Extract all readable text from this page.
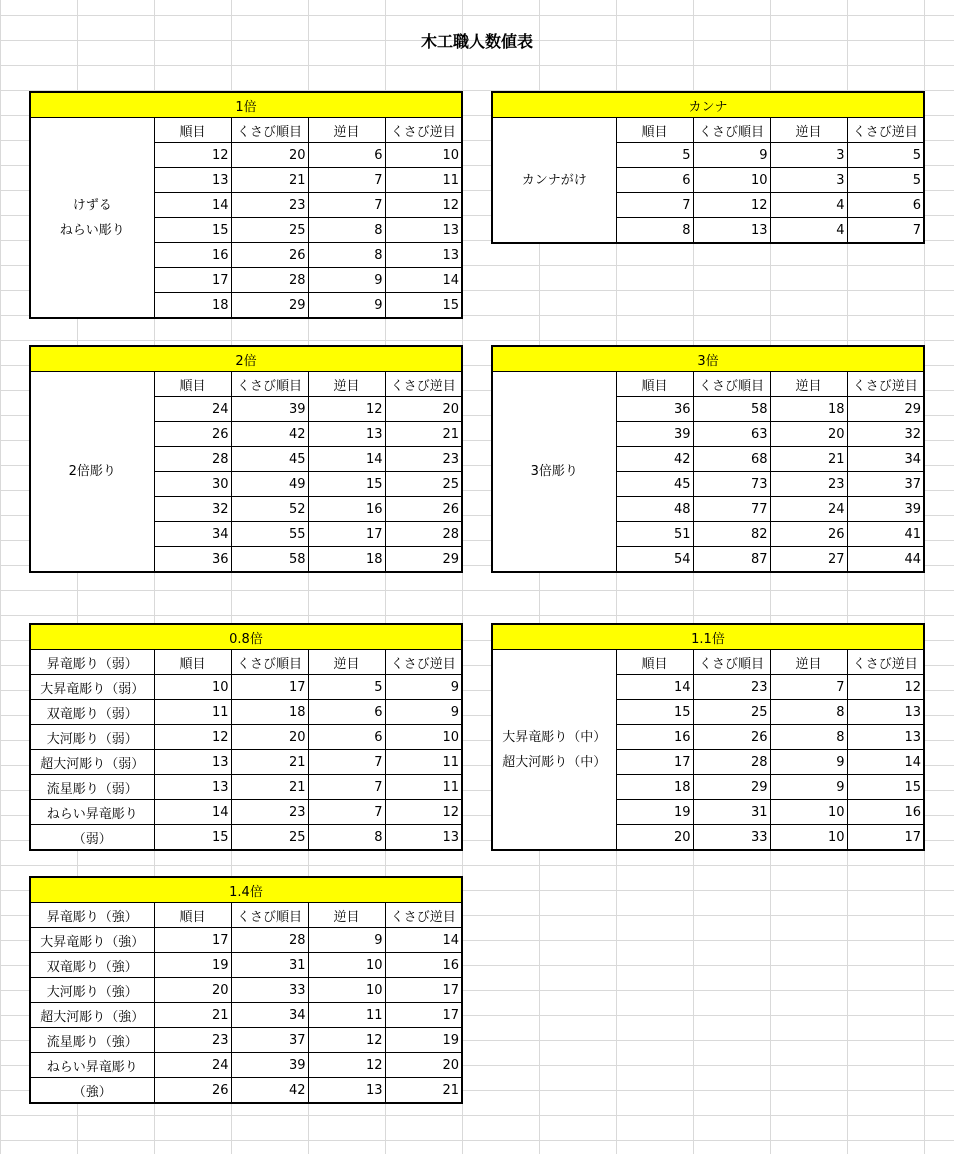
木工職人数値表
1倍				

けずる
ねらい彫り	順目	くさび順目	逆目	くさび逆目
	12	20	6	10
	13	21	7	11
	14	23	7	12
	15	25	8	13
	16	26	8	13
	17	28	9	14
	18	29	9	15
カンナ				

カンナがけ	順目	くさび順目	逆目	くさび逆目
	5	9	3	5
	6	10	3	5
	7	12	4	6
	8	13	4	7
2倍				

2倍彫り	順目	くさび順目	逆目	くさび逆目
	24	39	12	20
	26	42	13	21
	28	45	14	23
	30	49	15	25
	32	52	16	26
	34	55	17	28
	36	58	18	29
3倍				

3倍彫り	順目	くさび順目	逆目	くさび逆目
	36	58	18	29
	39	63	20	32
	42	68	21	34
	45	73	23	37
	48	77	24	39
	51	82	26	41
	54	87	27	44
0.8倍				
昇竜彫り（弱）	順目	くさび順目	逆目	くさび逆目
大昇竜彫り（弱）	10	17	5	9
双竜彫り（弱）	11	18	6	9
大河彫り（弱）	12	20	6	10
超大河彫り（弱）	13	21	7	11
流星彫り（弱）	13	21	7	11
ねらい昇竜彫り	14	23	7	12
（弱）	15	25	8	13
1.1倍				

大昇竜彫り（中）
超大河彫り（中）	順目	くさび順目	逆目	くさび逆目
	14	23	7	12
	15	25	8	13
	16	26	8	13
	17	28	9	14
	18	29	9	15
	19	31	10	16
	20	33	10	17
1.4倍				
昇竜彫り（強）	順目	くさび順目	逆目	くさび逆目
大昇竜彫り（強）	17	28	9	14
双竜彫り（強）	19	31	10	16
大河彫り（強）	20	33	10	17
超大河彫り（強）	21	34	11	17
流星彫り（強）	23	37	12	19
ねらい昇竜彫り	24	39	12	20
（強）	26	42	13	21
